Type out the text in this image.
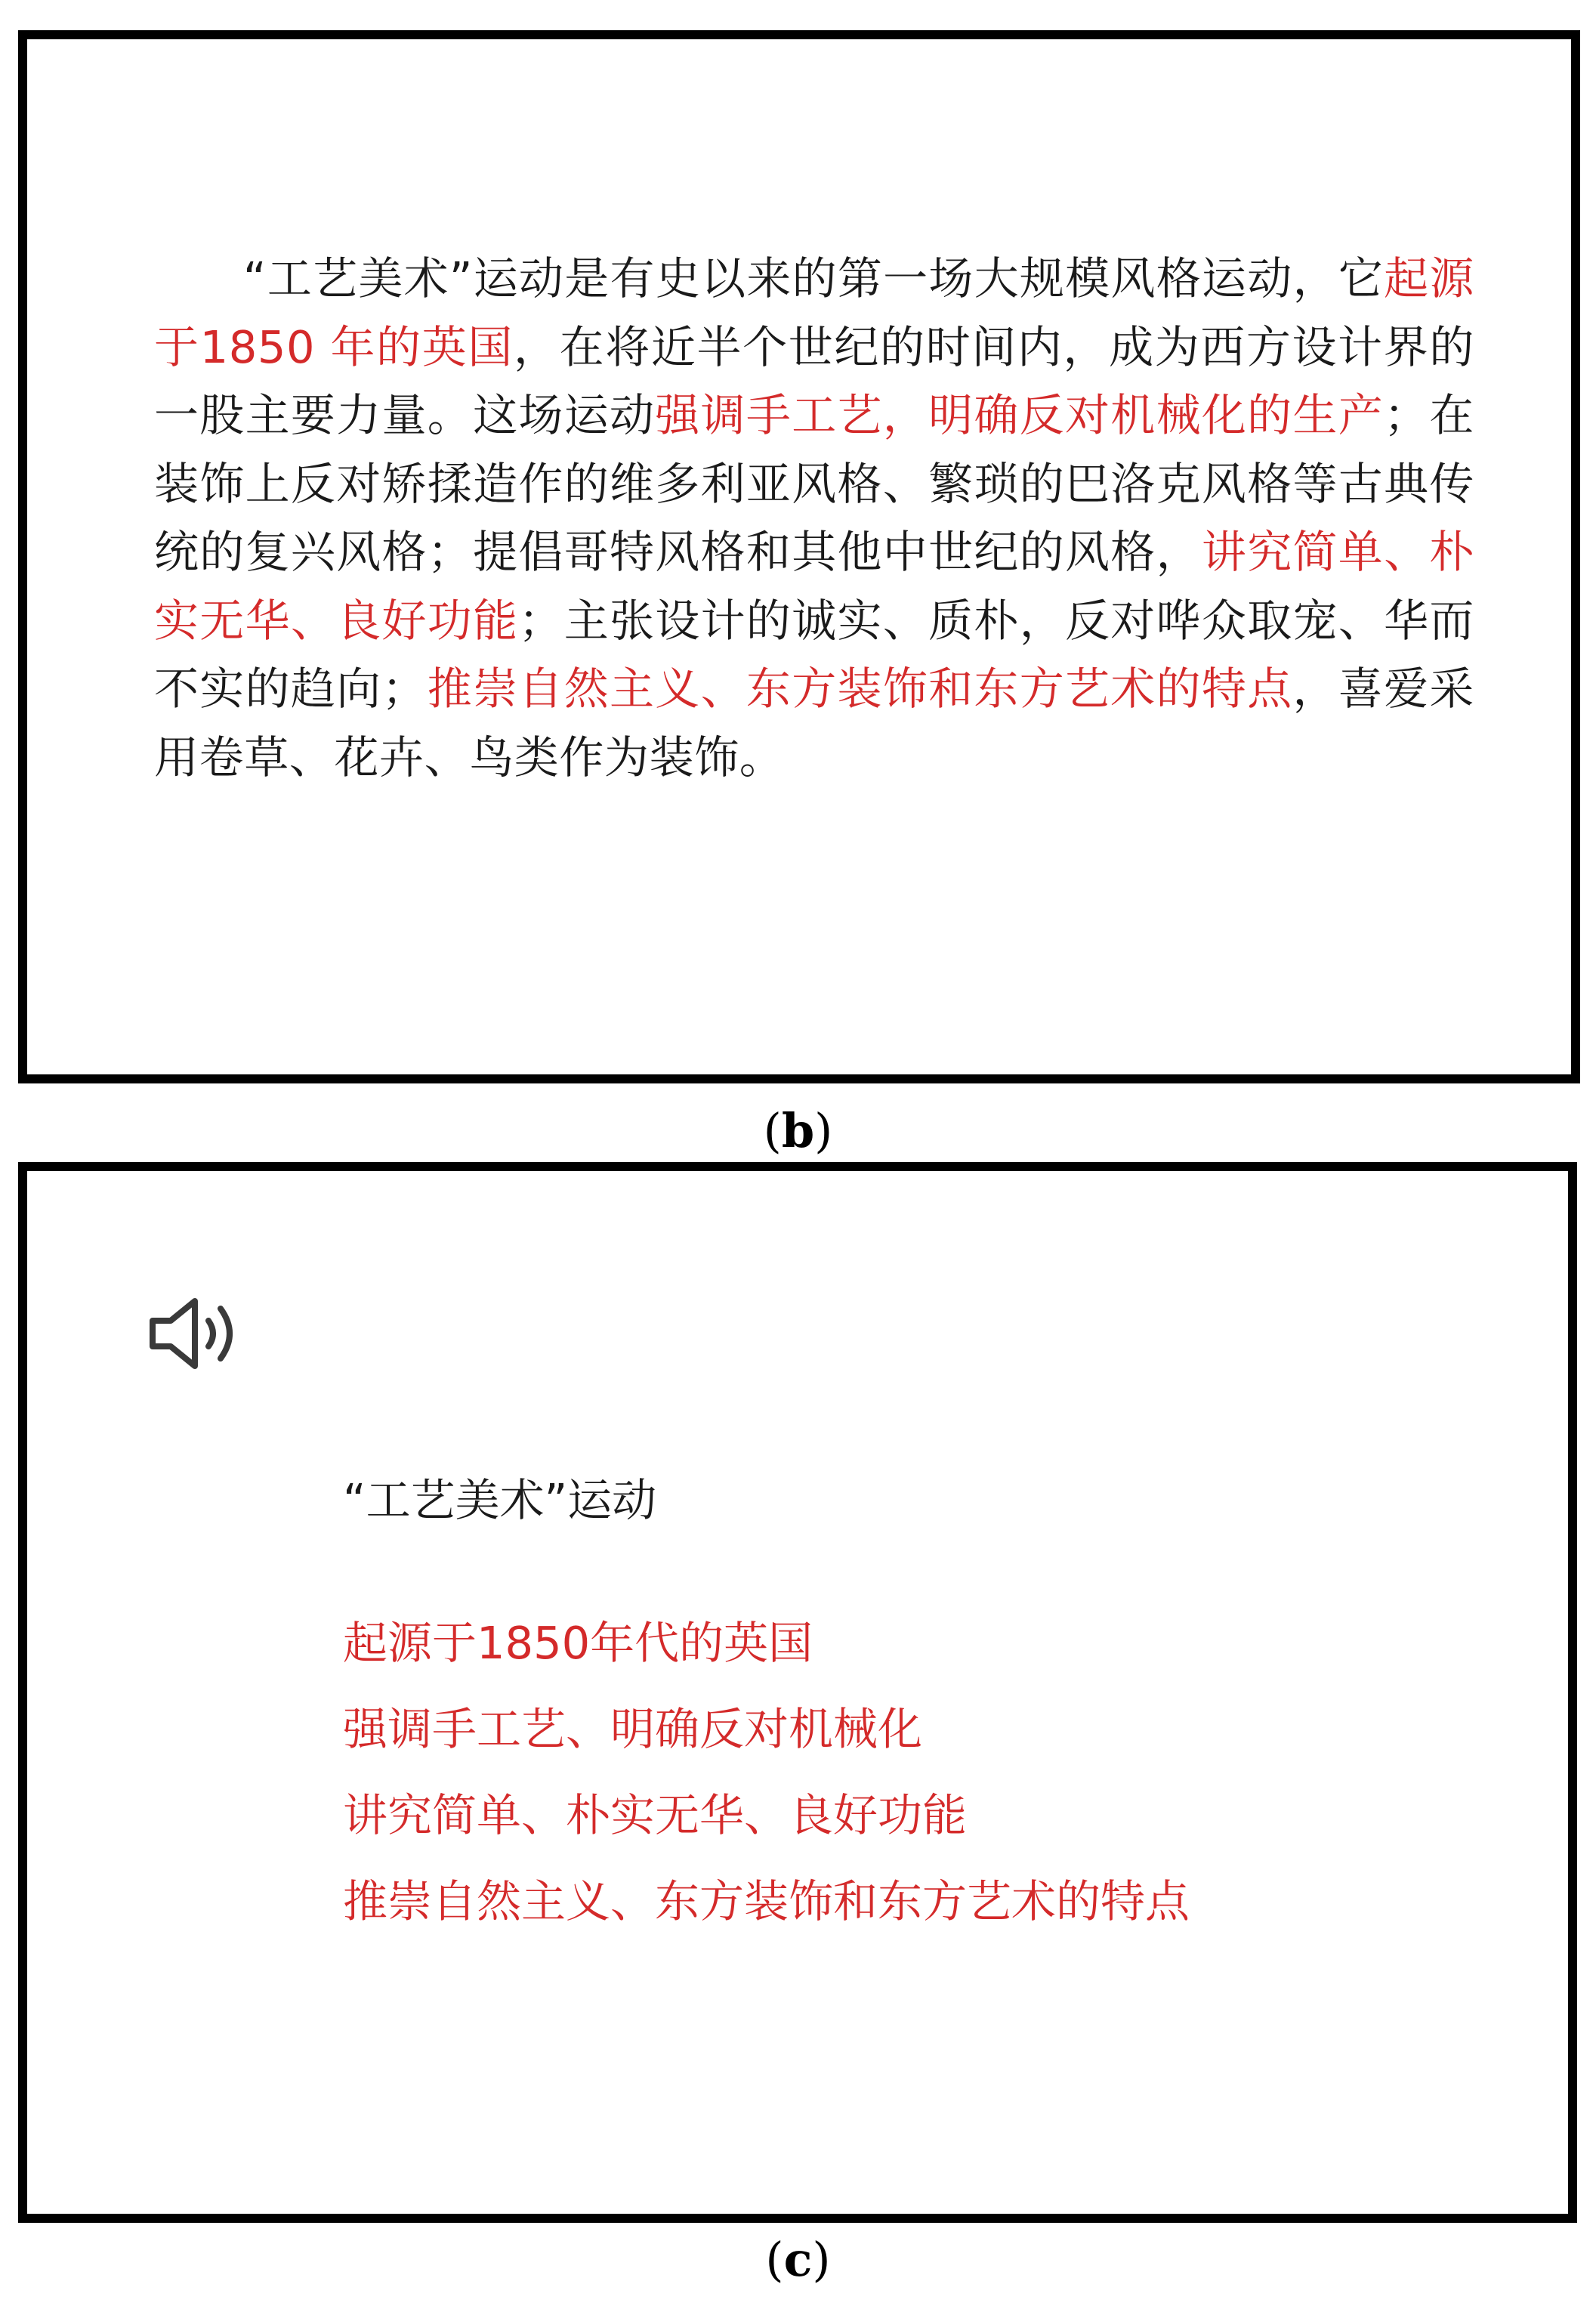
“工艺美术”运动是有史以来的第一场大规模风格运动，它起源于1850 年的英国，在将近半个世纪的时间内，成为西方设计界的一股主要力量。这场运动强调手工艺，明确反对机械化的生产；在装饰上反对矫揉造作的维多利亚风格、繁琐的巴洛克风格等古典传统的复兴风格；提倡哥特风格和其他中世纪的风格，讲究简单、朴实无华、良好功能；主张设计的诚实、质朴，反对哗众取宠、华而不实的趋向；推崇自然主义、东方装饰和东方艺术的特点，喜爱采用卷草、花卉、鸟类作为装饰。

(b)
“工艺美术”运动
起源于1850年代的英国
强调手工艺、明确反对机械化
讲究简单、朴实无华、良好功能
推崇自然主义、东方装饰和东方艺术的特点
(c)
